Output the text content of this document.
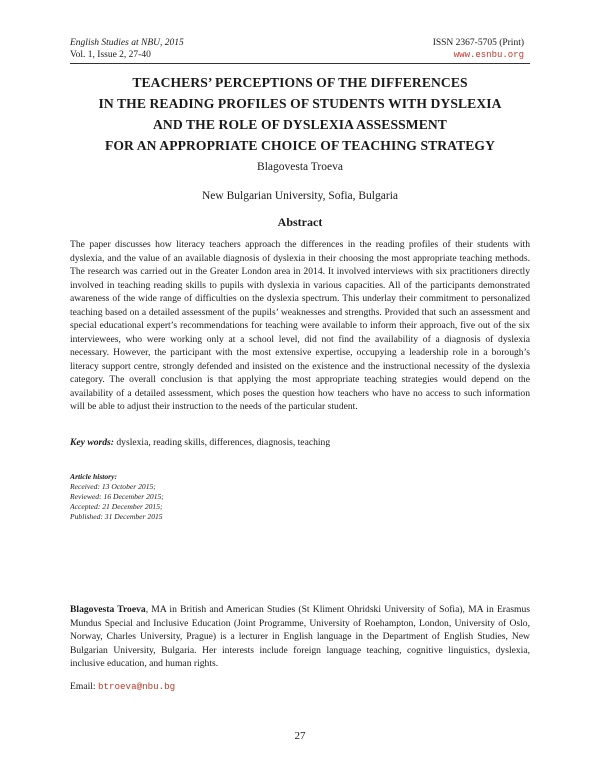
English Studies at NBU, 2015
Vol. 1, Issue 2, 27-40
ISSN 2367-5705 (Print)
www.esnbu.org
TEACHERS’ PERCEPTIONS OF THE DIFFERENCES
IN THE READING PROFILES OF STUDENTS WITH DYSLEXIA
AND THE ROLE OF DYSLEXIA ASSESSMENT
FOR AN APPROPRIATE CHOICE OF TEACHING STRATEGY
Blagovesta Troeva
New Bulgarian University, Sofia, Bulgaria
Abstract

The paper discusses how literacy teachers approach the differences in the reading profiles of their students with dyslexia, and the value of an available diagnosis of dyslexia in their choosing the most appropriate teaching methods. The research was carried out in the Greater London area in 2014. It involved interviews with six practitioners directly involved in teaching reading skills to pupils with dyslexia in various capacities. All of the participants demonstrated awareness of the wide range of difficulties on the dyslexia spectrum. This underlay their commitment to personalized teaching based on a detailed assessment of the pupils’ weaknesses and strengths. Provided that such an assessment and special educational expert’s recommendations for teaching were available to inform their approach, five out of the six interviewees, who were working only at a school level, did not find the availability of a diagnosis of dyslexia necessary. However, the participant with the most extensive expertise, occupying a leadership role in a borough’s literacy support centre, strongly defended and insisted on the existence and the instructional necessity of the dyslexia category. The overall conclusion is that applying the most appropriate teaching strategies would depend on the availability of a detailed assessment, which poses the question how teachers who have no access to such information will be able to adjust their instruction to the needs of the particular student.

Key words: dyslexia, reading skills, differences, diagnosis, teaching
Article history:
Received: 13 October 2015;
Reviewed: 16 December 2015;
Accepted: 21 December 2015;
Published: 31 December 2015

Blagovesta Troeva, MA in British and American Studies (St Kliment Ohridski University of Sofia), MA in Erasmus Mundus Special and Inclusive Education (Joint Programme, University of Roehampton, London, University of Oslo, Norway, Charles University, Prague) is a lecturer in English language in the Department of English Studies, New Bulgarian University, Bulgaria. Her interests include foreign language teaching, cognitive linguistics, dyslexia, inclusive education, and human rights.

Email: btroeva@nbu.bg
27
